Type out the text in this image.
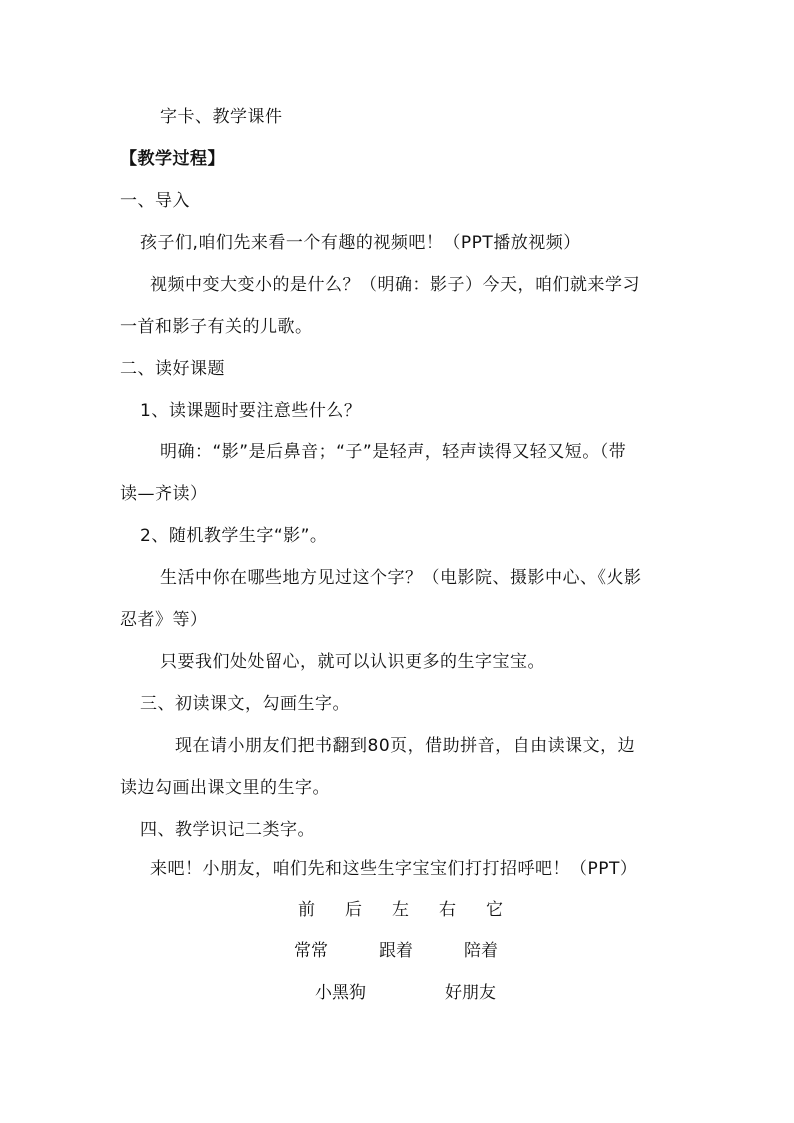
字卡、教学课件
【教学过程】
一、导入
孩子们,咱们先来看一个有趣的视频吧！（PPT播放视频）
视频中变大变小的是什么？（明确：影子）今天，咱们就来学习
一首和影子有关的儿歌。
二、读好课题
1、读课题时要注意些什么？
明确：“影”是后鼻音；“子”是轻声，轻声读得又轻又短。（带
读—齐读）
2、随机教学生字“影”。
生活中你在哪些地方见过这个字？（电影院、摄影中心、《火影
忍者》等）
只要我们处处留心，就可以认识更多的生字宝宝。
三、初读课文，勾画生字。
现在请小朋友们把书翻到80页，借助拼音，自由读课文，边
读边勾画出课文里的生字。
四、教学识记二类字。
来吧！小朋友，咱们先和这些生字宝宝们打打招呼吧！（PPT）
前 后 左 右 它
常常	跟着	陪着
小黑狗	好朋友
